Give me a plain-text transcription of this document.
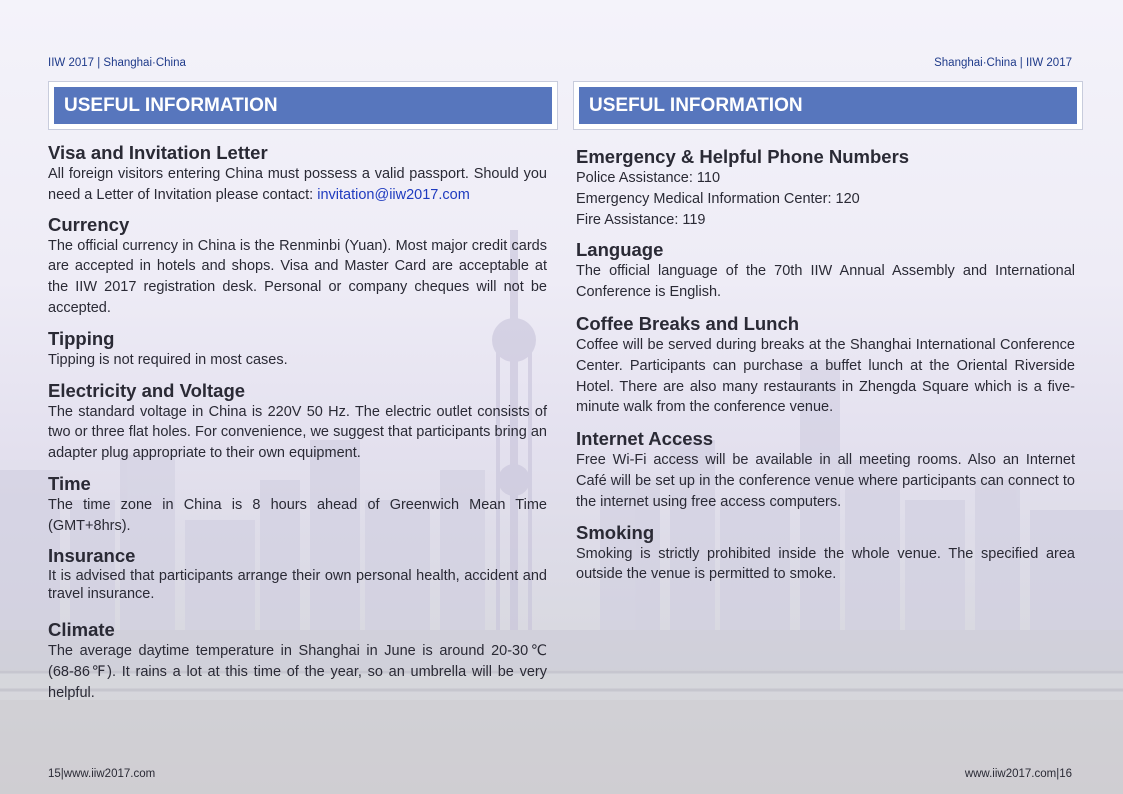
IIW 2017 | Shanghai·China	Shanghai·China | IIW 2017
USEFUL INFORMATION	USEFUL INFORMATION
Visa and Invitation Letter

All foreign visitors entering China must possess a valid passport. Should you need a Letter of Invitation please contact: invitation@iiw2017.com

Currency

The official currency in China is the Renminbi (Yuan). Most major credit cards are accepted in hotels and shops. Visa and Master Card are acceptable at the IIW 2017 registration desk. Personal or company cheques will not be accepted.

Tipping

Tipping is not required in most cases.

Electricity and Voltage

The standard voltage in China is 220V 50 Hz. The electric outlet consists of two or three flat holes. For convenience, we suggest that participants bring an adapter plug appropriate to their own equipment.

Time

The time zone in China is 8 hours ahead of Greenwich Mean Time (GMT+8hrs).

Insurance

It is advised that participants arrange their own personal health, accident and travel insurance.

Climate

The average daytime temperature in Shanghai in June is around 20-30℃ (68-86℉). It rains a lot at this time of the year, so an umbrella will be very helpful.

Emergency & Helpful Phone Numbers

Police Assistance: 110

Emergency Medical Information Center: 120

Fire Assistance: 119

Language

The official language of the 70th IIW Annual Assembly and International Conference is English.

Coffee Breaks and Lunch

Coffee will be served during breaks at the Shanghai International Conference Center. Participants can purchase a buffet lunch at the Oriental Riverside Hotel. There are also many restaurants in Zhengda Square which is a five-minute walk from the conference venue.

Internet Access

Free Wi-Fi access will be available in all meeting rooms. Also an Internet Café will be set up in the conference venue where participants can connect to the internet using free access computers.

Smoking

Smoking is strictly prohibited inside the whole venue. The specified area outside the venue is permitted to smoke.

15|www.iiw2017.com	www.iiw2017.com|16
